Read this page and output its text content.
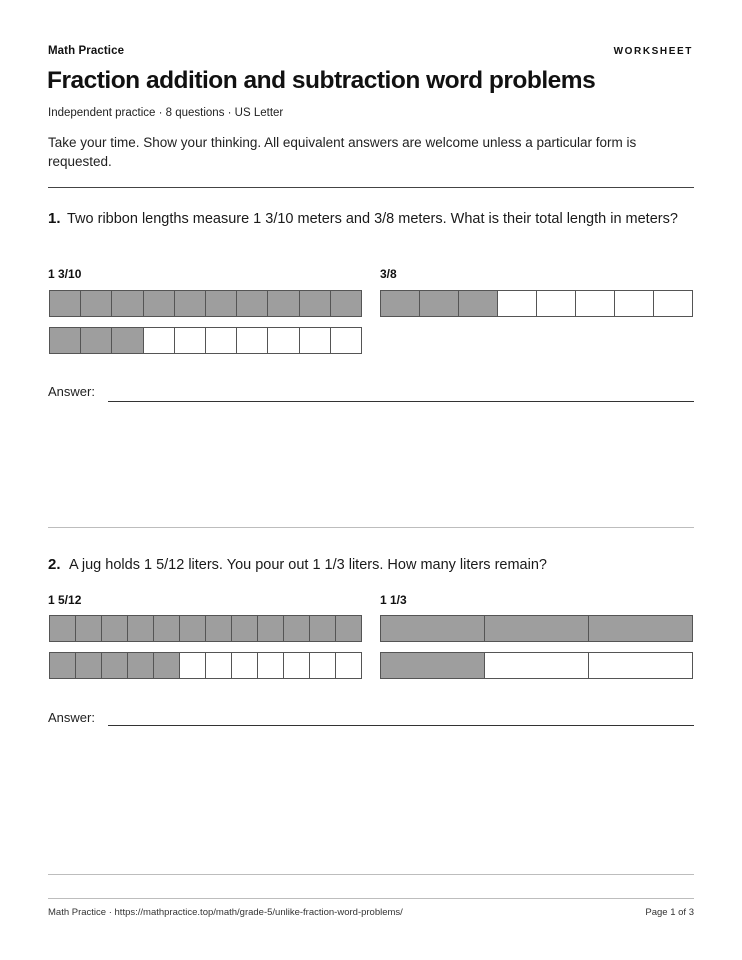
Math Practice	WORKSHEET
Fraction addition and subtraction word problems
Independent practice · 8 questions · US Letter

Take your time. Show your thinking. All equivalent answers are welcome unless a particular form is requested.

1. Two ribbon lengths measure 1 3/10 meters and 3/8 meters. What is their total length in meters?
1 3/10	3/8
Answer:
2. A jug holds 1 5/12 liters. You pour out 1 1/3 liters. How many liters remain?
1 5/12	1 1/3
Answer:
Math Practice · https://mathpractice.top/math/grade-5/unlike-fraction-word-problems/	Page 1 of 3
